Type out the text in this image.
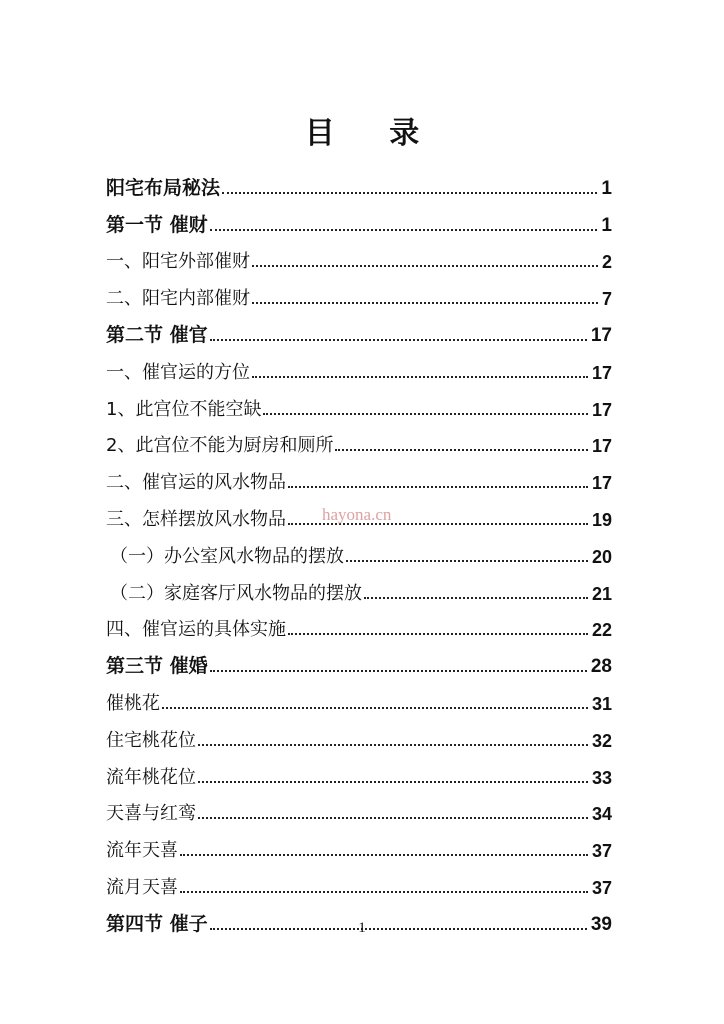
目 录
阳宅布局秘法	1
第一节 催财	1
一、阳宅外部催财	2
二、阳宅内部催财	7
第二节 催官	17
一、催官运的方位	17
1、此宫位不能空缺	17
2、此宫位不能为厨房和厕所	17
二、催官运的风水物品	17
三、怎样摆放风水物品	19
（一）办公室风水物品的摆放	20
（二）家庭客厅风水物品的摆放	21
四、催官运的具体实施	22
第三节 催婚	28
催桃花	31
住宅桃花位	32
流年桃花位	33
天喜与红鸾	34
流年天喜	37
流月天喜	37
第四节 催子	39
hayona.cn
1
